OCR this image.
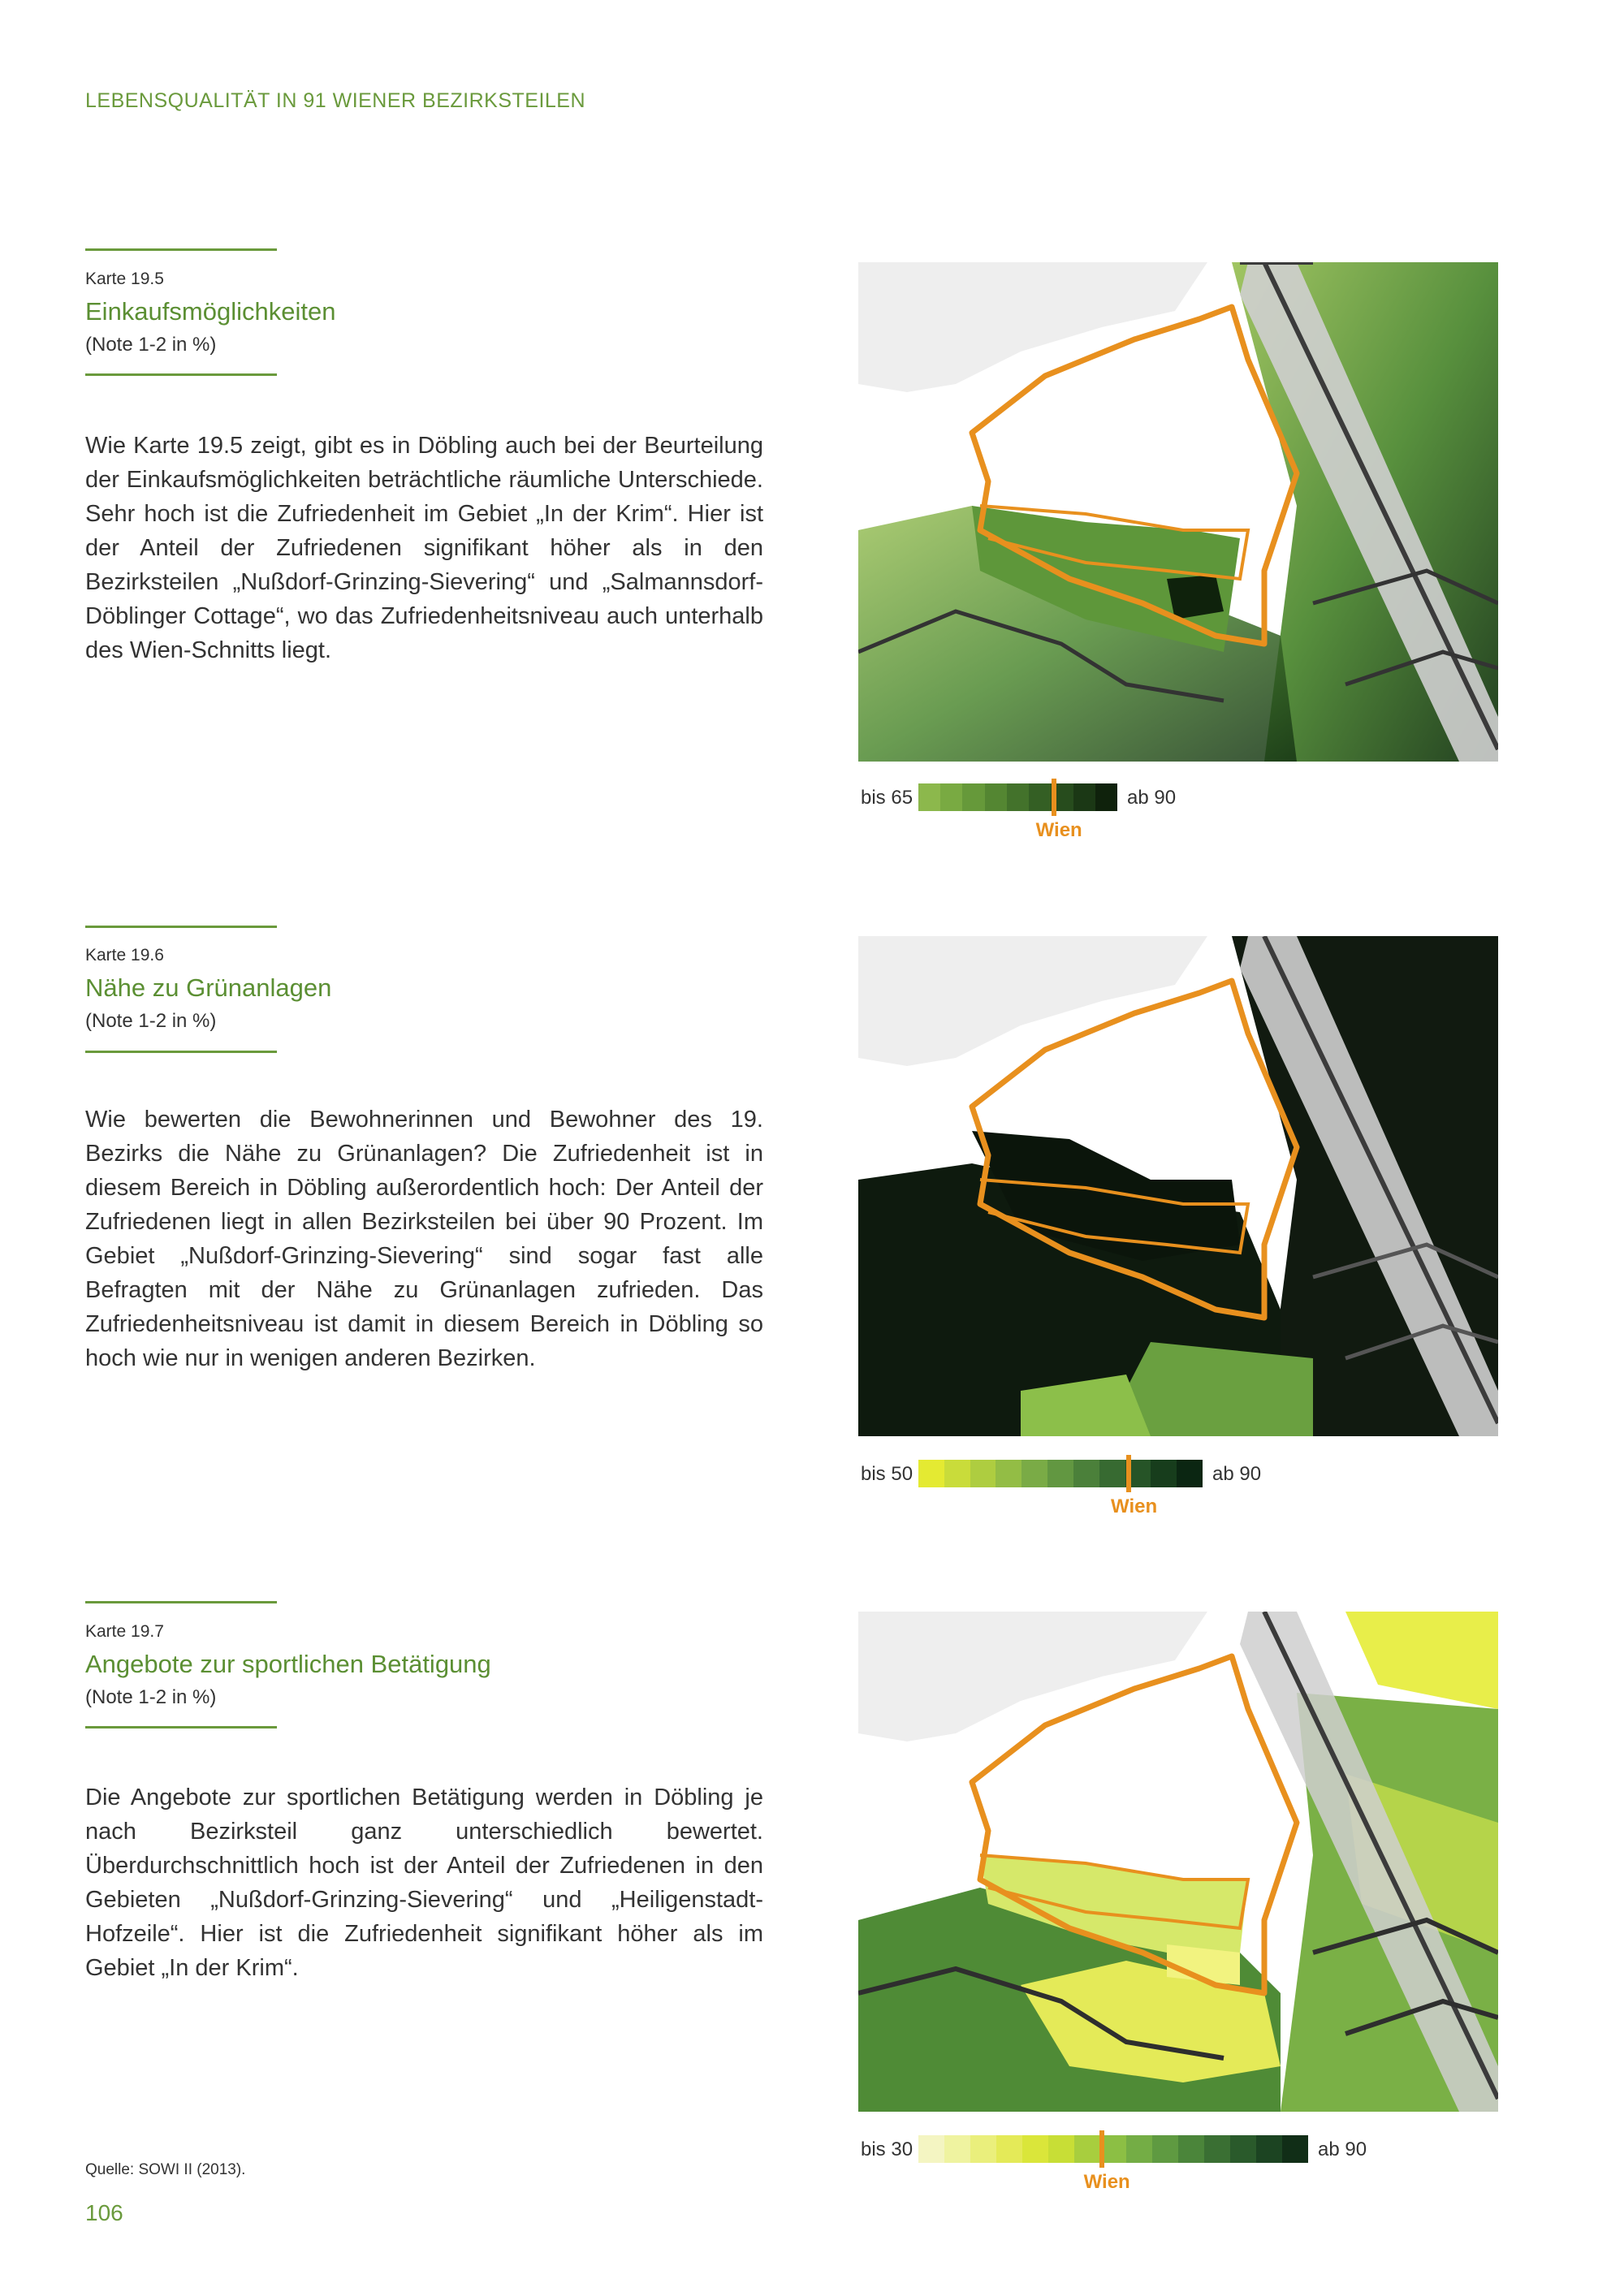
LEBENSQUALITÄT IN 91 WIENER BEZIRKSTEILEN
Karte 19.5
Einkaufsmöglichkeiten
(Note 1-2 in %)
Wie Karte 19.5 zeigt, gibt es in Döbling auch bei der Beurteilung der Einkaufsmöglichkeiten beträchtliche räumliche Unterschiede. Sehr hoch ist die Zufriedenheit im Gebiet „In der Krim“. Hier ist der Anteil der Zufriedenen signifikant höher als in den Bezirksteilen „Nußdorf-Grinzing-Sievering“ und „Salmannsdorf-Döblinger Cottage“, wo das Zufriedenheitsniveau auch unterhalb des Wien-Schnitts liegt.
bis 65	ab 90
Wien
Karte 19.6
Nähe zu Grünanlagen
(Note 1-2 in %)
Wie bewerten die Bewohnerinnen und Bewohner des 19. Bezirks die Nähe zu Grünanlagen? Die Zufriedenheit ist in diesem Bereich in Döbling außerordentlich hoch: Der Anteil der Zufriedenen liegt in allen Bezirksteilen bei über 90 Prozent. Im Gebiet „Nußdorf-Grinzing-Sievering“ sind sogar fast alle Befragten mit der Nähe zu Grünanlagen zufrieden. Das Zufriedenheitsniveau ist damit in diesem Bereich in Döbling so hoch wie nur in wenigen anderen Bezirken.
bis 50	ab 90
Wien
Karte 19.7
Angebote zur sportlichen Betätigung
(Note 1-2 in %)
Die Angebote zur sportlichen Betätigung werden in Döbling je nach Bezirksteil ganz unterschiedlich bewertet. Überdurchschnittlich hoch ist der Anteil der Zufriedenen in den Gebieten „Nußdorf-Grinzing-Sievering“ und „Heiligenstadt-Hofzeile“. Hier ist die Zufriedenheit signifikant höher als im Gebiet „In der Krim“.
bis 30	ab 90
Wien
Quelle: SOWI II (2013).
106
